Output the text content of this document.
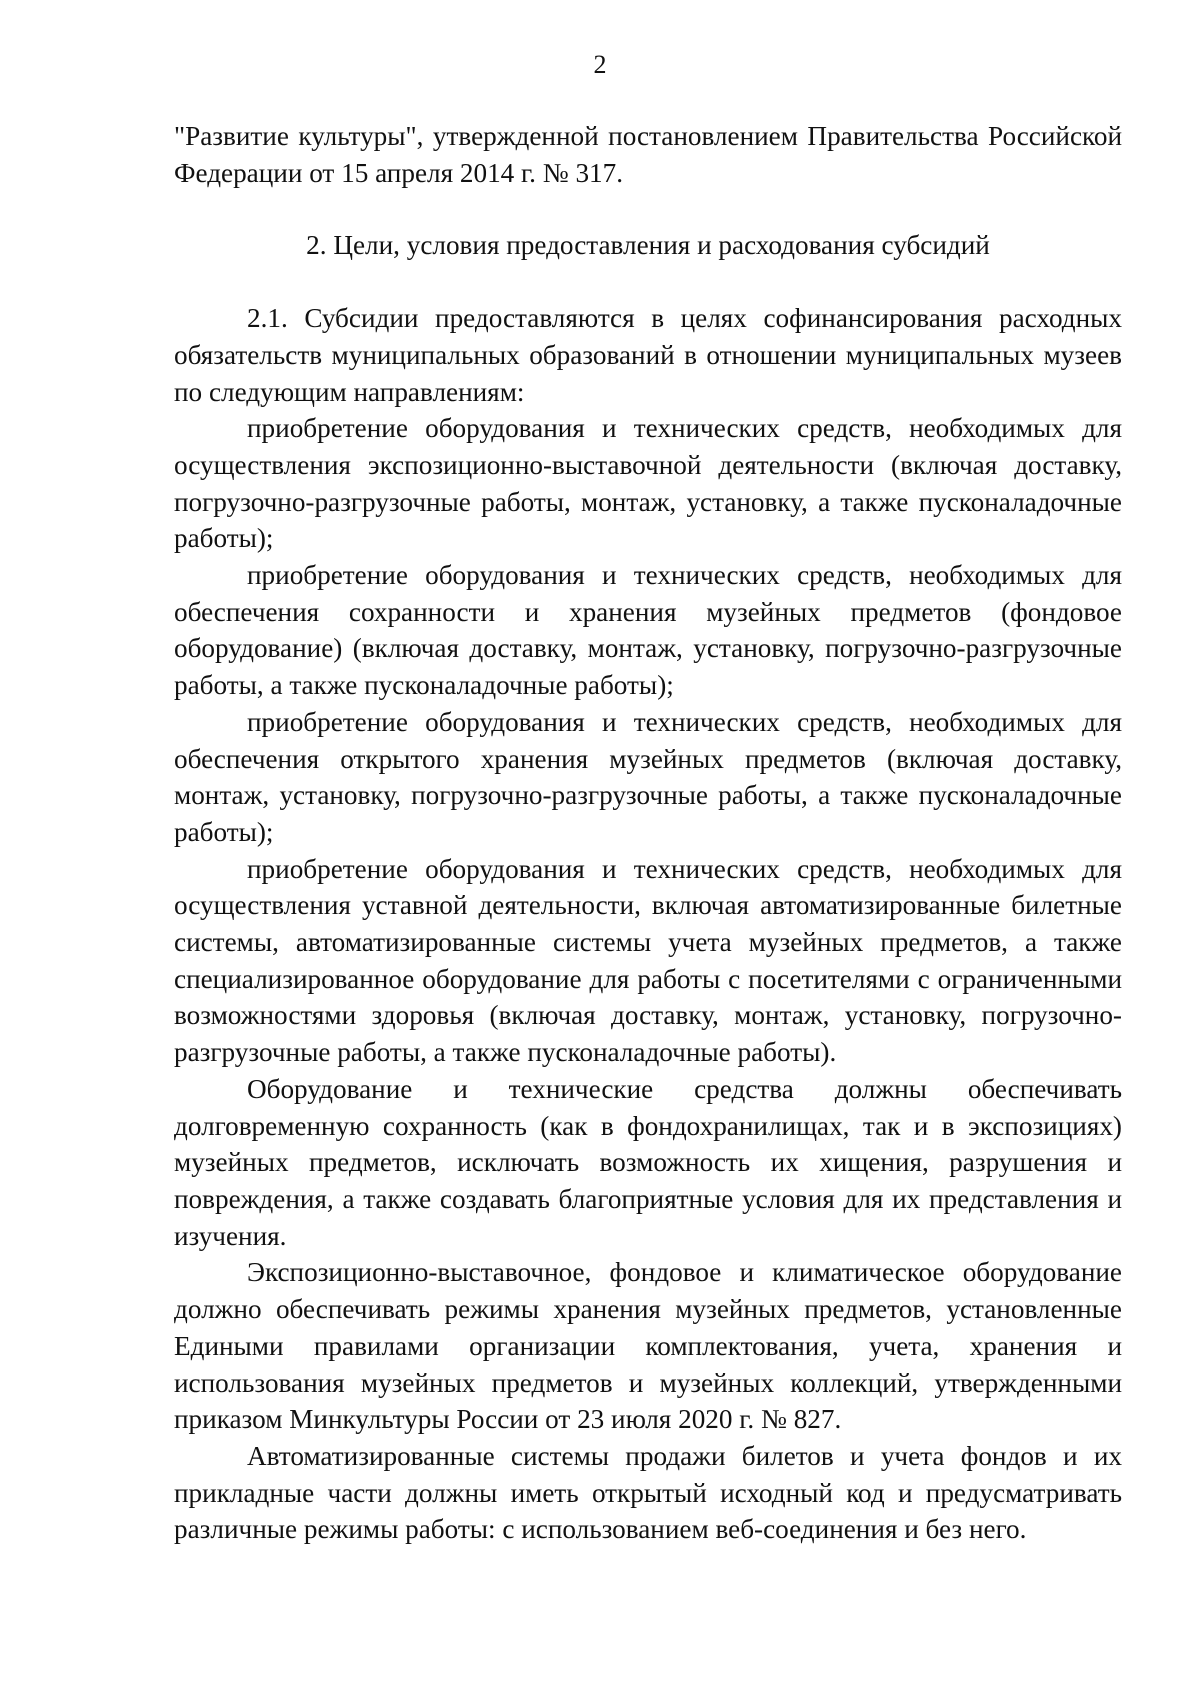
2

"Развитие культуры", утвержденной постановлением Правительства Российской Федерации от 15 апреля 2014 г. № 317.

2. Цели, условия предоставления и расходования субсидий

2.1. Субсидии предоставляются в целях софинансирования расходных обязательств муниципальных образований в отношении муниципальных музеев по следующим направлениям:

приобретение оборудования и технических средств, необходимых для осуществления экспозиционно-выставочной деятельности (включая доставку, погрузочно-разгрузочные работы, монтаж, установку, а также пусконаладочные работы);

приобретение оборудования и технических средств, необходимых для обеспечения сохранности и хранения музейных предметов (фондовое оборудование) (включая доставку, монтаж, установку, погрузочно-разгрузочные работы, а также пусконаладочные работы);

приобретение оборудования и технических средств, необходимых для обеспечения открытого хранения музейных предметов (включая доставку, монтаж, установку, погрузочно-разгрузочные работы, а также пусконаладочные работы);

приобретение оборудования и технических средств, необходимых для осуществления уставной деятельности, включая автоматизированные билетные системы, автоматизированные системы учета музейных предметов, а также специализированное оборудование для работы с посетителями с ограниченными возможностями здоровья (включая доставку, монтаж, установку, погрузочно-разгрузочные работы, а также пусконаладочные работы).

Оборудование и технические средства должны обеспечивать долговременную сохранность (как в фондохранилищах, так и в экспозициях) музейных предметов, исключать возможность их хищения, разрушения и повреждения, а также создавать благоприятные условия для их представления и изучения.

Экспозиционно-выставочное, фондовое и климатическое оборудование должно обеспечивать режимы хранения музейных предметов, установленные Едиными правилами организации комплектования, учета, хранения и использования музейных предметов и музейных коллекций, утвержденными приказом Минкультуры России от 23 июля 2020 г. № 827.

Автоматизированные системы продажи билетов и учета фондов и их прикладные части должны иметь открытый исходный код и предусматривать различные режимы работы: с использованием веб-соединения и без него.
